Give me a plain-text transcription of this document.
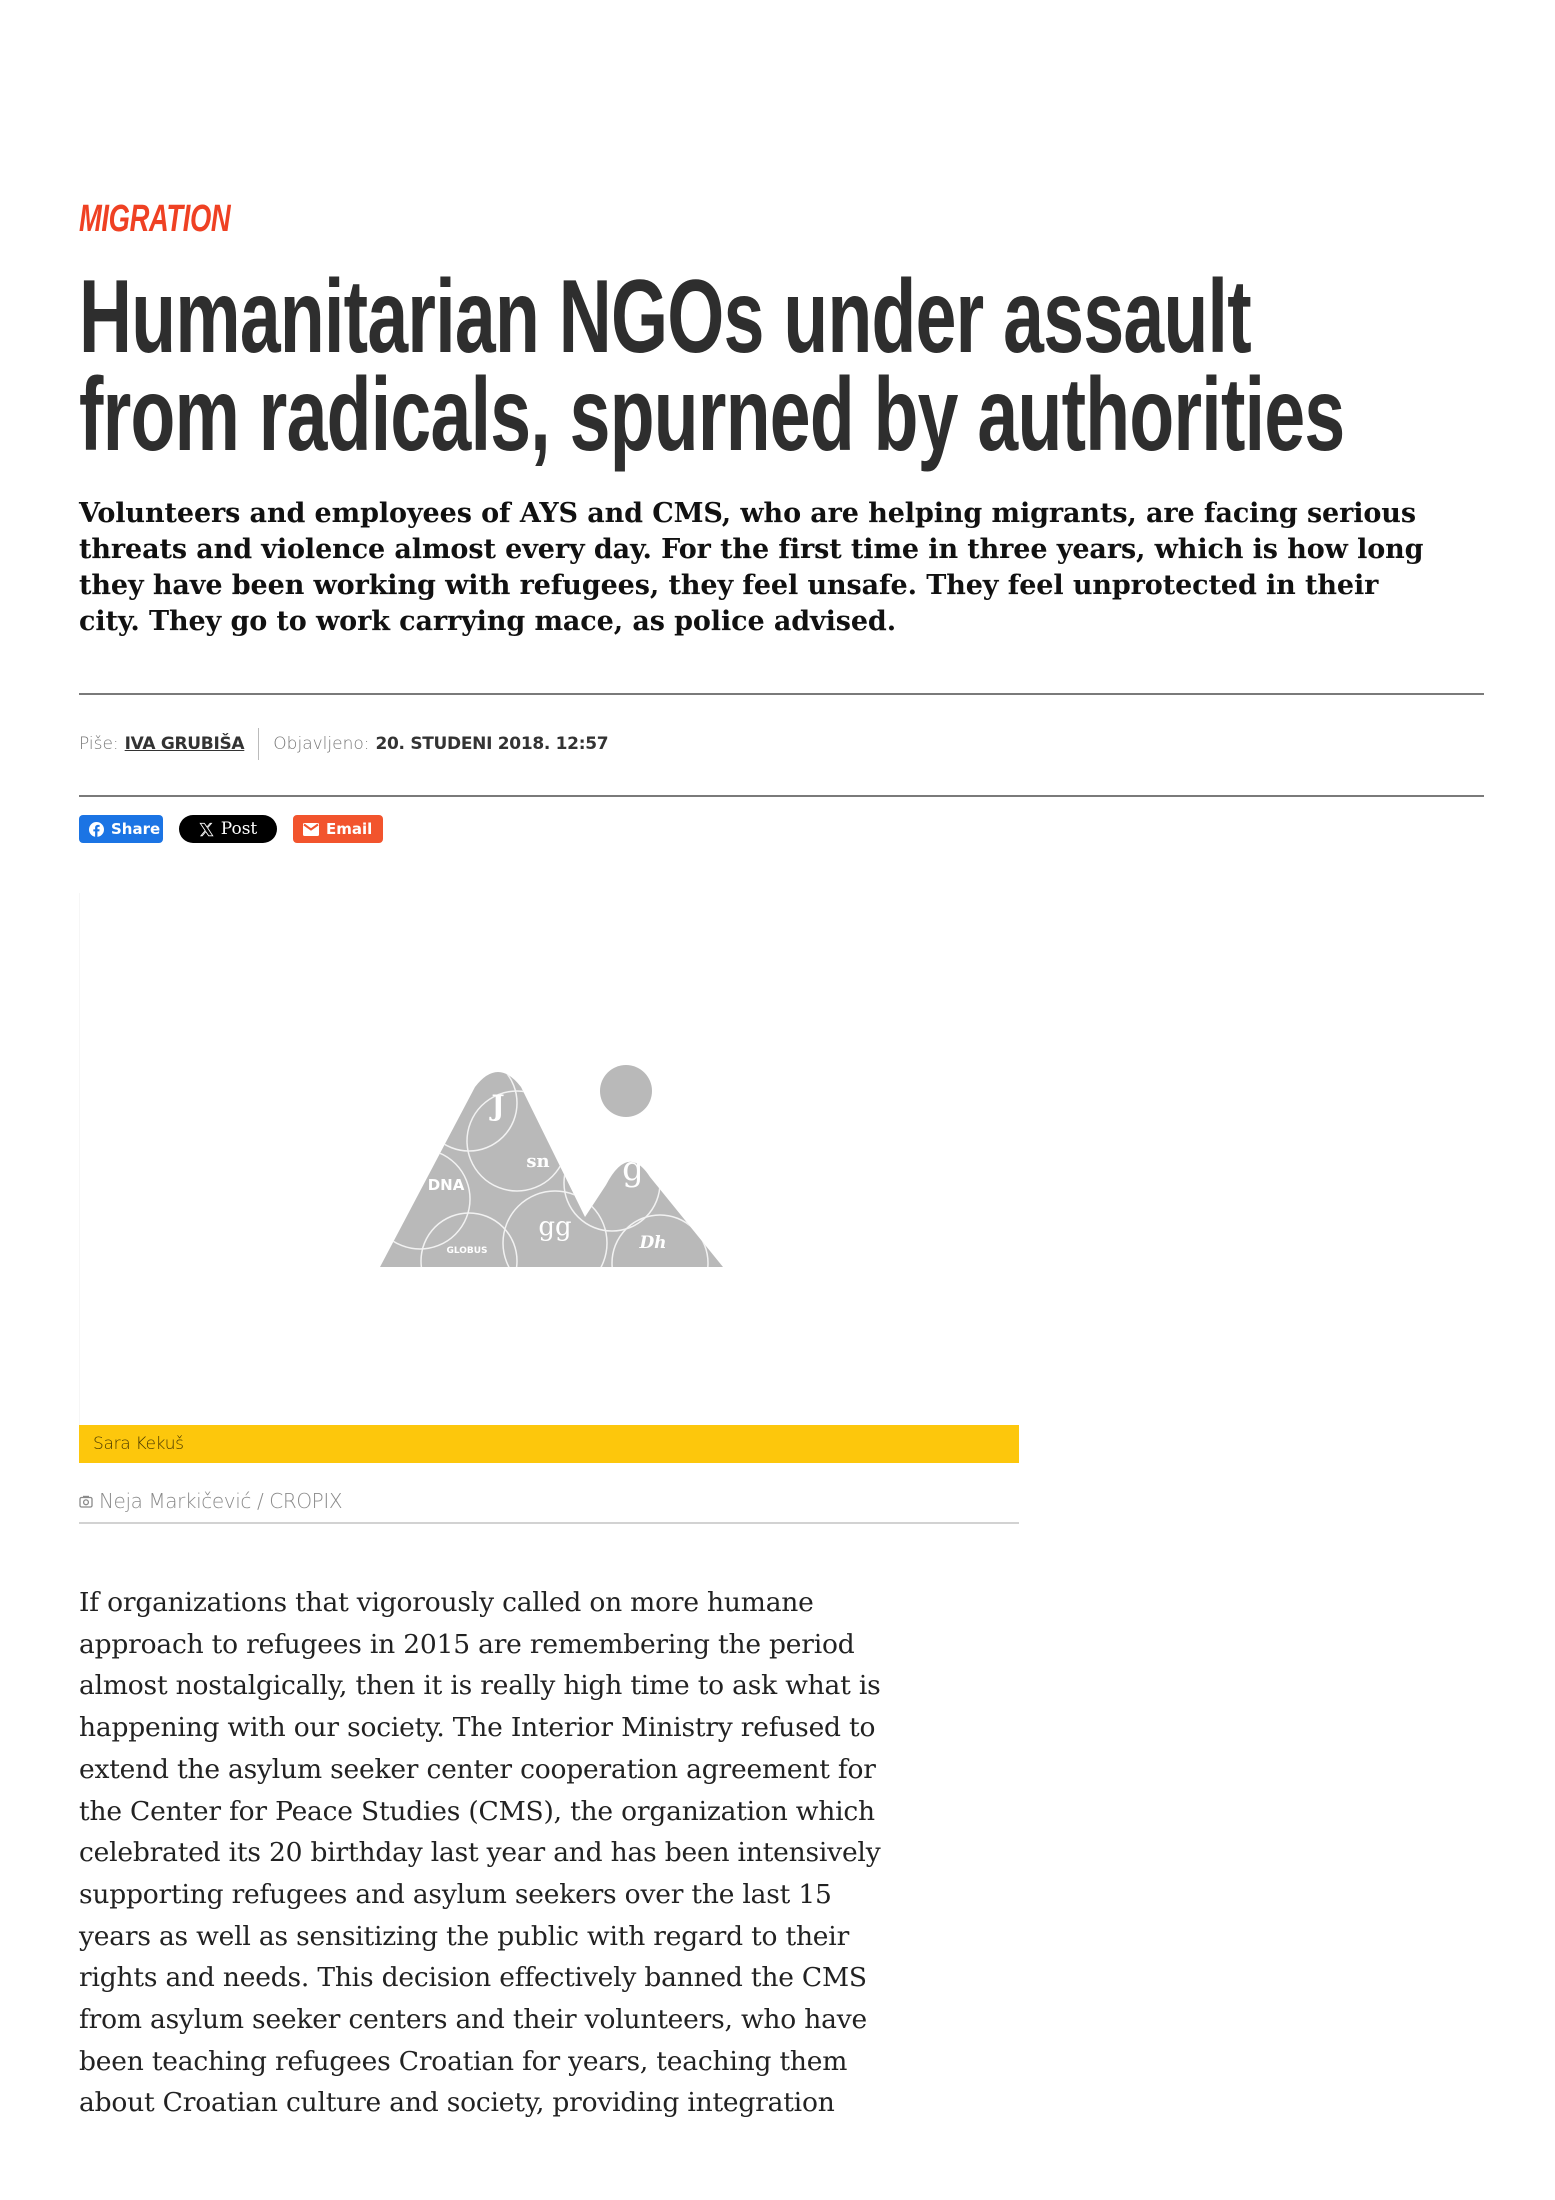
MIGRATION
Humanitarian NGOs under assault
from radicals, spurned by authorities

Volunteers and employees of AYS and CMS, who are helping migrants, are facing serious
threats and violence almost every day. For the first time in three years, which is how long
they have been working with refugees, they feel unsafe. They feel unprotected in their
city. They go to work carrying mace, as police advised.

Piše: IVA GRUBIŠA Objavljeno: 20. STUDENI 2018. 12:57
Share	Post	Email
J
sn g
DNA
gg
GLOBUS	Dh
Sara Kekuš
Neja Markičević / CROPIX

If organizations that vigorously called on more humane
approach to refugees in 2015 are remembering the period
almost nostalgically, then it is really high time to ask what is
happening with our society. The Interior Ministry refused to
extend the asylum seeker center cooperation agreement for
the Center for Peace Studies (CMS), the organization which
celebrated its 20 birthday last year and has been intensively
supporting refugees and asylum seekers over the last 15
years as well as sensitizing the public with regard to their
rights and needs. This decision effectively banned the CMS
from asylum seeker centers and their volunteers, who have
been teaching refugees Croatian for years, teaching them
about Croatian culture and society, providing integration
